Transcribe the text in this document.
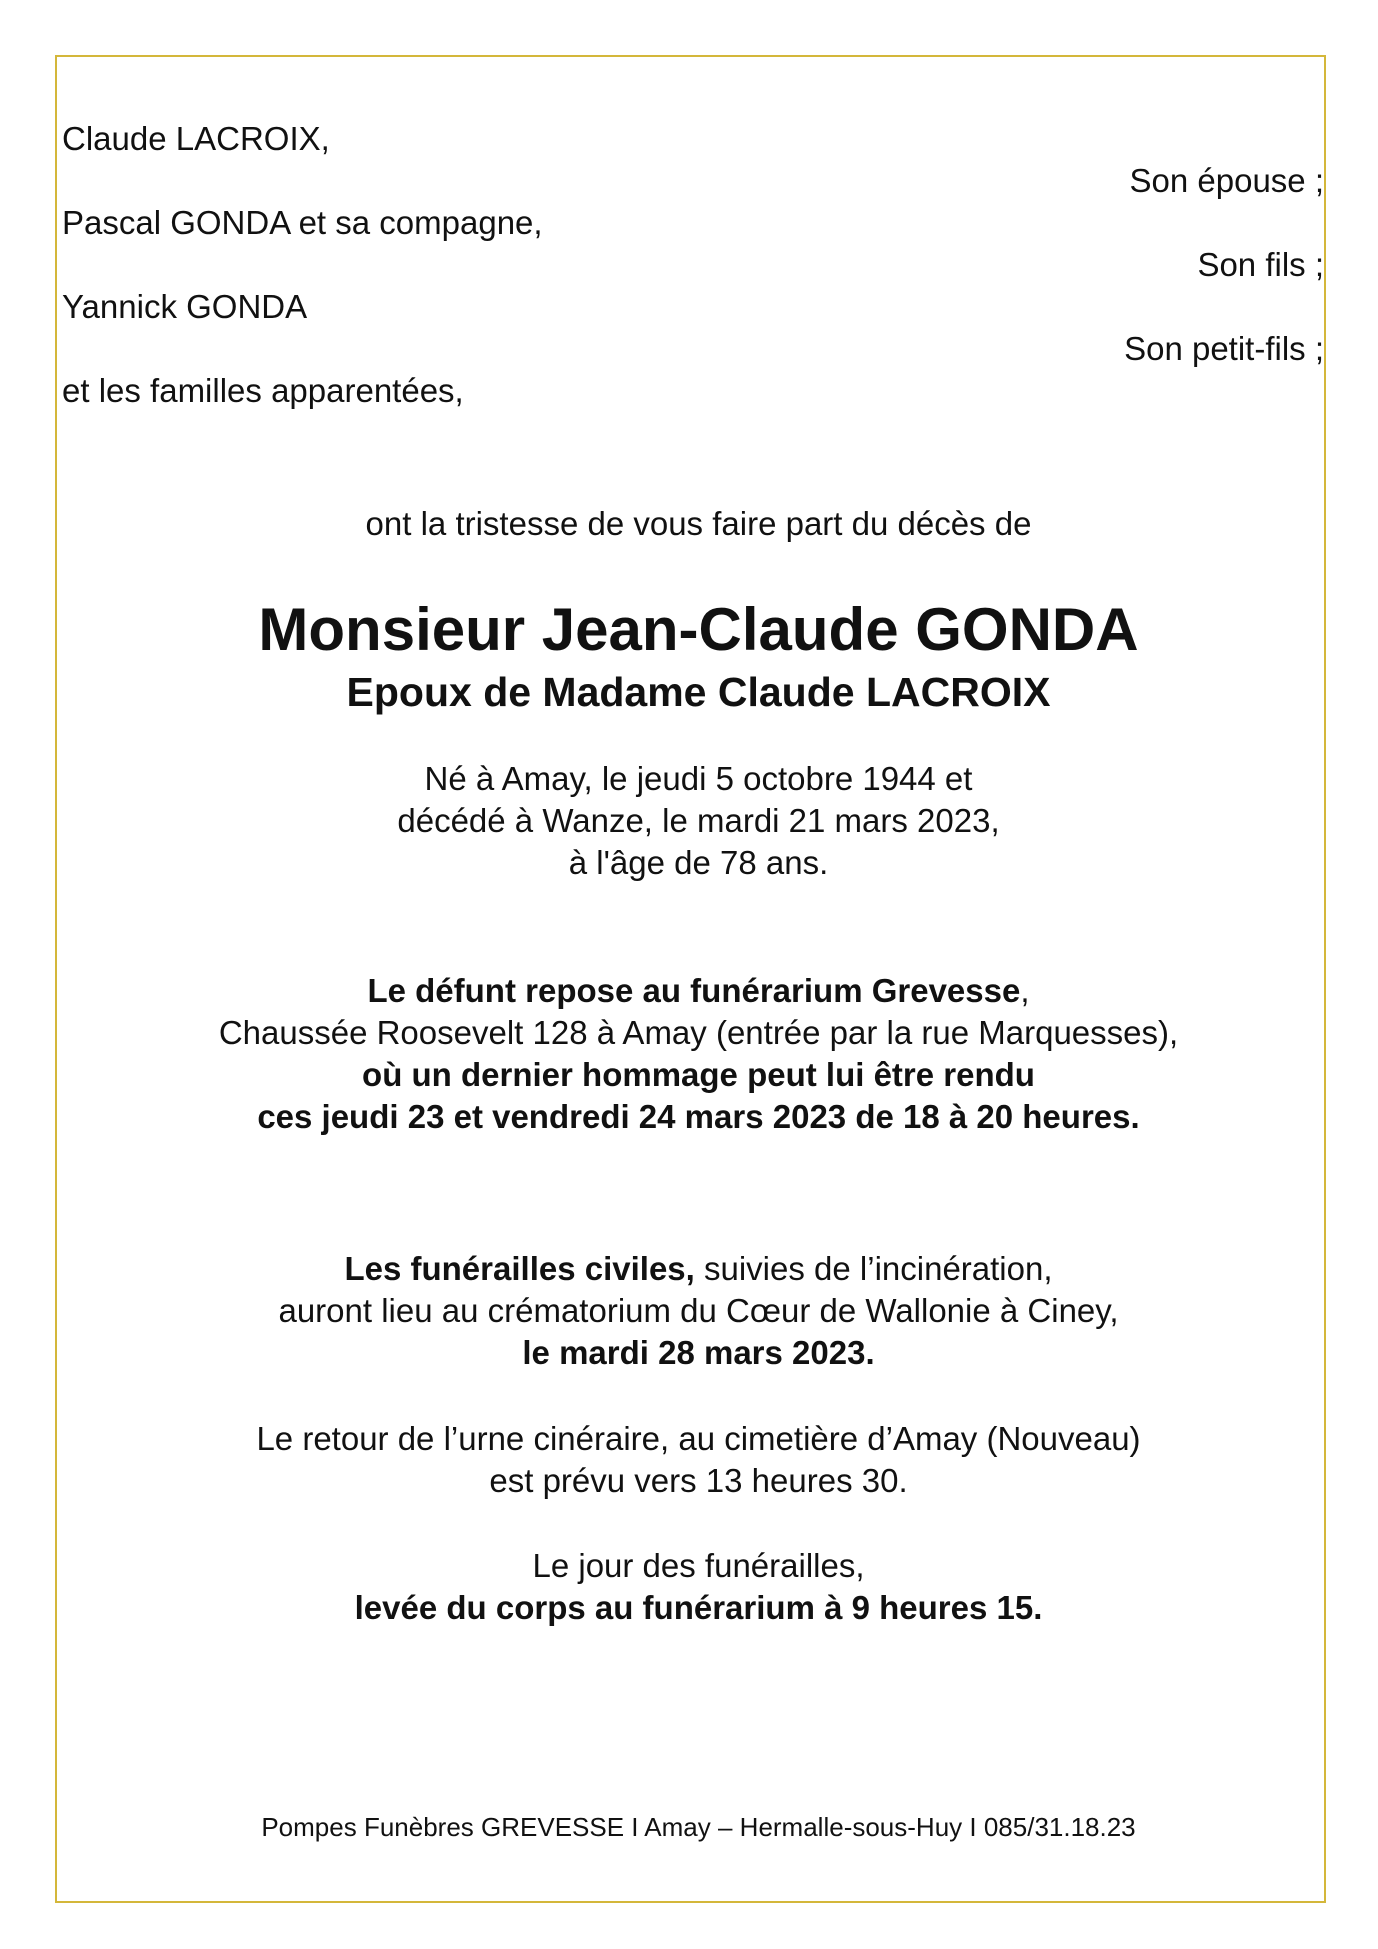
Claude LACROIX,
Son épouse ;
Pascal GONDA et sa compagne,
Son fils ;
Yannick GONDA
Son petit-fils ;
et les familles apparentées,
ont la tristesse de vous faire part du décès de
Monsieur Jean-Claude GONDA
Epoux de Madame Claude LACROIX
Né à Amay, le jeudi 5 octobre 1944 et
décédé à Wanze, le mardi 21 mars 2023,
à l'âge de 78 ans.
Le défunt repose au funérarium Grevesse,
Chaussée Roosevelt 128 à Amay (entrée par la rue Marquesses),
où un dernier hommage peut lui être rendu
ces jeudi 23 et vendredi 24 mars 2023 de 18 à 20 heures.
Les funérailles civiles, suivies de l’incinération,
auront lieu au crématorium du Cœur de Wallonie à Ciney,
le mardi 28 mars 2023.
Le retour de l’urne cinéraire, au cimetière d’Amay (Nouveau)
est prévu vers 13 heures 30.
Le jour des funérailles,
levée du corps au funérarium à 9 heures 15.
Pompes Funèbres GREVESSE I Amay – Hermalle-sous-Huy I 085/31.18.23
